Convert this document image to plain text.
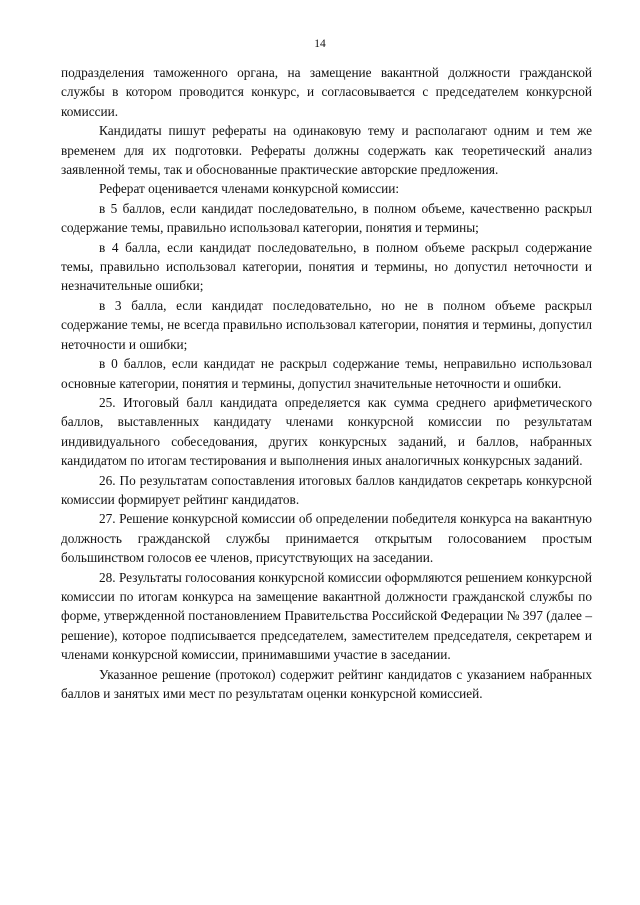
14

подразделения таможенного органа, на замещение вакантной должности гражданской службы в котором проводится конкурс, и согласовывается с председателем конкурсной комиссии.

Кандидаты пишут рефераты на одинаковую тему и располагают одним и тем же временем для их подготовки. Рефераты должны содержать как теоретический анализ заявленной темы, так и обоснованные практические авторские предложения.

Реферат оценивается членами конкурсной комиссии:

в 5 баллов, если кандидат последовательно, в полном объеме, качественно раскрыл содержание темы, правильно использовал категории, понятия и термины;

в 4 балла, если кандидат последовательно, в полном объеме раскрыл содержание темы, правильно использовал категории, понятия и термины, но допустил неточности и незначительные ошибки;

в 3 балла, если кандидат последовательно, но не в полном объеме раскрыл содержание темы, не всегда правильно использовал категории, понятия и термины, допустил неточности и ошибки;

в 0 баллов, если кандидат не раскрыл содержание темы, неправильно использовал основные категории, понятия и термины, допустил значительные неточности и ошибки.

25. Итоговый балл кандидата определяется как сумма среднего арифметического баллов, выставленных кандидату членами конкурсной комиссии по результатам индивидуального собеседования, других конкурсных заданий, и баллов, набранных кандидатом по итогам тестирования и выполнения иных аналогичных конкурсных заданий.

26. По результатам сопоставления итоговых баллов кандидатов секретарь конкурсной комиссии формирует рейтинг кандидатов.

27. Решение конкурсной комиссии об определении победителя конкурса на вакантную должность гражданской службы принимается открытым голосованием простым большинством голосов ее членов, присутствующих на заседании.

28. Результаты голосования конкурсной комиссии оформляются решением конкурсной комиссии по итогам конкурса на замещение вакантной должности гражданской службы по форме, утвержденной постановлением Правительства Российской Федерации № 397 (далее – решение), которое подписывается председателем, заместителем председателя, секретарем и членами конкурсной комиссии, принимавшими участие в заседании.

Указанное решение (протокол) содержит рейтинг кандидатов с указанием набранных баллов и занятых ими мест по результатам оценки конкурсной комиссией.
